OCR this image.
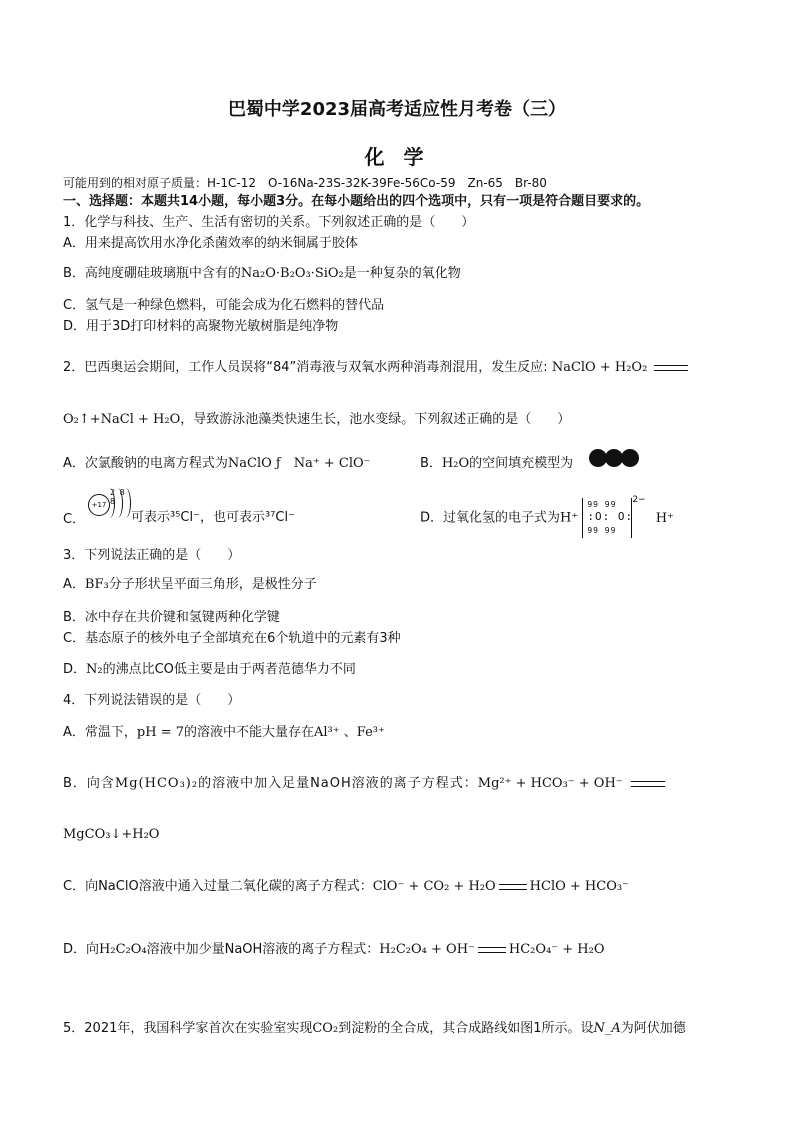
巴蜀中学2023届高考适应性月考卷（三）
化 学
可能用到的相对原子质量：H-1C-12　O-16Na-23S-32K-39Fe-56Co-59　Zn-65　Br-80
一、选择题：本题共14小题，每小题3分。在每小题给出的四个选项中，只有一项是符合题目要求的。
1．化学与科技、生产、生活有密切的关系。下列叙述正确的是（　　）
A．用来提高饮用水净化杀菌效率的纳米铜属于胶体
B．高纯度硼硅玻璃瓶中含有的Na₂O·B₂O₃·SiO₂是一种复杂的氧化物
C．氢气是一种绿色燃料，可能会成为化石燃料的替代品
D．用于3D打印材料的高聚物光敏树脂是纯净物
2．巴西奥运会期间，工作人员误将“84”消毒液与双氧水两种消毒剂混用，发生反应: NaClO + H₂O₂
O₂↑+NaCl + H₂O，导致游泳池藻类快速生长，池水变绿。下列叙述正确的是（　　）
A．次氯酸钠的电离方程式为NaClO ƒ　Na⁺ + ClO⁻	B．H₂O的空间填充模型为
C．
+17
2 8 8
可表示³⁵Cl⁻，也可表示³⁷Cl⁻	D．过氧化氢的电子式为H⁺
99 99
:O: O:
99 99
$^{2-}$ H⁺
3．下列说法正确的是（　　）
A．BF₃分子形状呈平面三角形，是极性分子
B．冰中存在共价键和氢键两种化学键
C．基态原子的核外电子全部填充在6个轨道中的元素有3种
D．N₂的沸点比CO低主要是由于两者范德华力不同
4．下列说法错误的是（　　）
A．常温下，pH = 7的溶液中不能大量存在Al³⁺ 、Fe³⁺
B．向含Mg(HCO₃)₂的溶液中加入足量NaOH溶液的离子方程式：Mg²⁺ + HCO₃⁻ + OH⁻
MgCO₃↓+H₂O
C．向NaClO溶液中通入过量二氧化碳的离子方程式：ClO⁻ + CO₂ + H₂O	HClO + HCO₃⁻
D．向H₂C₂O₄溶液中加少量NaOH溶液的离子方程式：H₂C₂O₄ + OH⁻	HC₂O₄⁻ + H₂O
5．2021年，我国科学家首次在实验室实现CO₂到淀粉的全合成，其合成路线如图1所示。设N_A为阿伏加德
